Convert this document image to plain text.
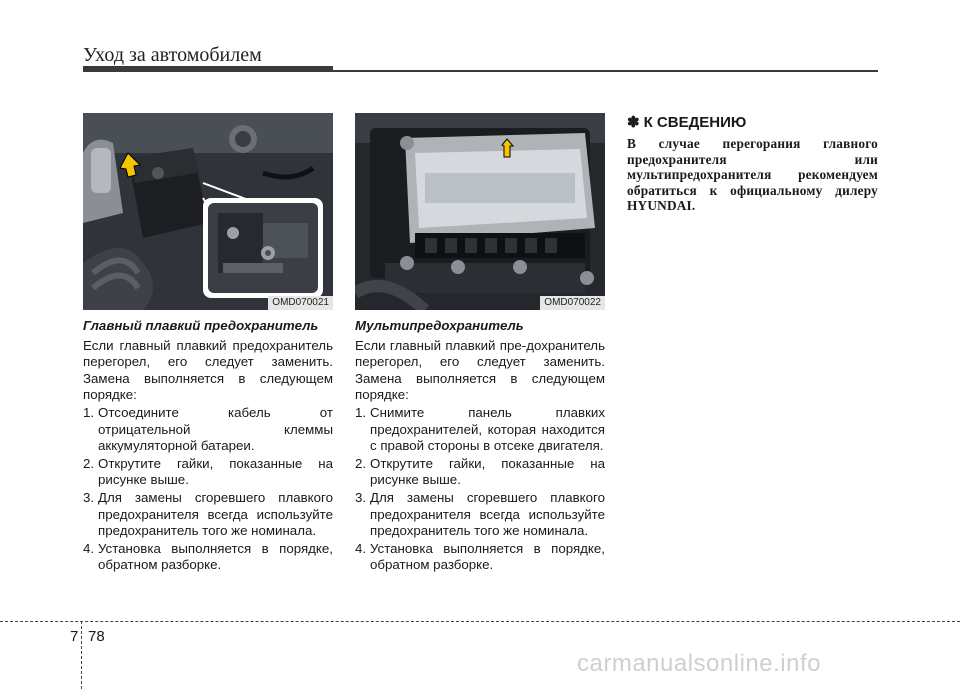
Уход за автомобилем
OMD070021	OMD070022
Главный плавкий предохранитель

Если главный плавкий предохранитель перегорел, его следует заменить. Замена выполняется в следующем порядке:

1. Отсоедините кабель от отрицательной клеммы аккумуляторной батареи.
2. Открутите гайки, показанные на рисунке выше.
3. Для замены сгоревшего плавкого предохранителя всегда используйте предохранитель того же номинала.
4. Установка выполняется в порядке, обратном разборке.
Мультипредохранитель

Если главный плавкий пре-дохранитель перегорел, его следует заменить. Замена выполняется в следующем порядке:

1. Снимите панель плавких предохранителей, которая находится с правой стороны в отсеке двигателя.
2. Открутите гайки, показанные на рисунке выше.
3. Для замены сгоревшего плавкого предохранителя всегда используйте предохранитель того же номинала.
4. Установка выполняется в порядке, обратном разборке.
✽ К СВЕДЕНИЮ

В случае перегорания главного предохранителя или мультипредохранителя рекомендуем обратиться к официальному дилеру HYUNDAI.

7 78
carmanualsonline.info
